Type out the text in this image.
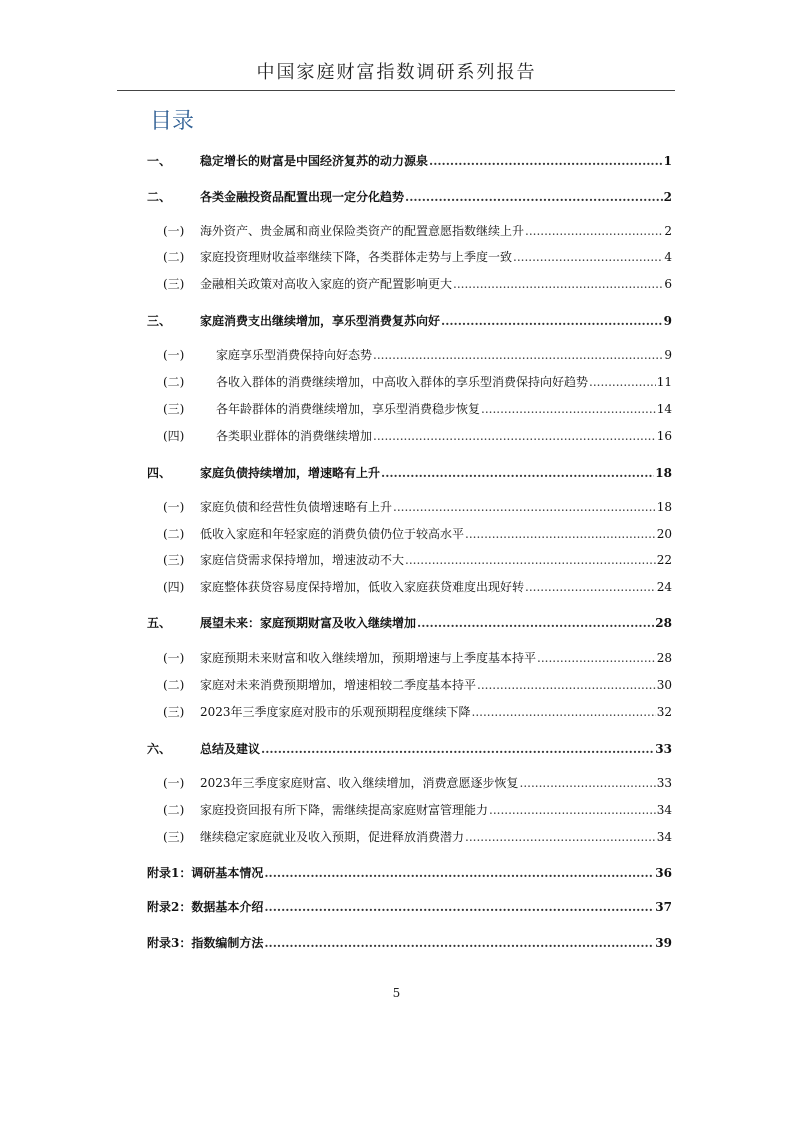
中国家庭财富指数调研系列报告
目录
一、 稳定增长的财富是中国经济复苏的动力源泉 .....	1
二、 各类金融投资品配置出现一定分化趋势 .....	2
(一) 海外资产、贵金属和商业保险类资产的配置意愿指数继续上升 .....	2
(二) 家庭投资理财收益率继续下降，各类群体走势与上季度一致 .....	4
(三) 金融相关政策对高收入家庭的资产配置影响更大 .....	6
三、 家庭消费支出继续增加，享乐型消费复苏向好 .....	9
(一)	家庭享乐型消费保持向好态势 .....	9
(二)	各收入群体的消费继续增加，中高收入群体的享乐型消费保持向好趋势 .....	11
(三)	各年龄群体的消费继续增加，享乐型消费稳步恢复 .....	14
(四)	各类职业群体的消费继续增加 .....	16
四、 家庭负债持续增加，增速略有上升 .....	18
(一) 家庭负债和经营性负债增速略有上升 .....	18
(二) 低收入家庭和年轻家庭的消费负债仍位于较高水平 .....	20
(三) 家庭信贷需求保持增加，增速波动不大 .....	22
(四) 家庭整体获贷容易度保持增加，低收入家庭获贷难度出现好转 .....	24
五、 展望未来：家庭预期财富及收入继续增加 .....	28
(一) 家庭预期未来财富和收入继续增加，预期增速与上季度基本持平 .....	28
(二) 家庭对未来消费预期增加，增速相较二季度基本持平 .....	30
(三) 2023年三季度家庭对股市的乐观预期程度继续下降 .....	32
六、 总结及建议 .....	33
(一) 2023年三季度家庭财富、收入继续增加，消费意愿逐步恢复 .....	33
(二) 家庭投资回报有所下降，需继续提高家庭财富管理能力 .....	34
(三) 继续稳定家庭就业及收入预期，促进释放消费潜力 .....	34
附录1：调研基本情况 .....	36
附录2：数据基本介绍 .....	37
附录3：指数编制方法 .....	39
5
